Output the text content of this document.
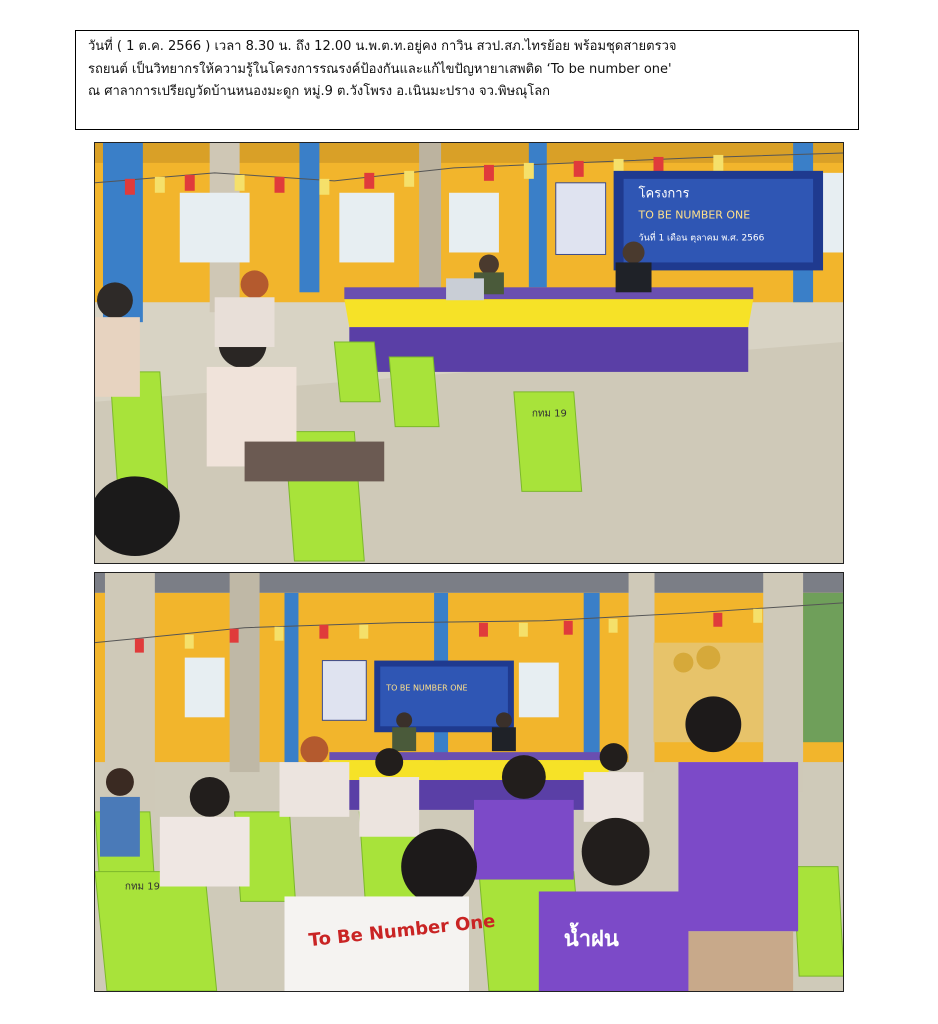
วันที่ ( 1 ต.ค. 2566 ) เวลา 8.30 น. ถึง 12.00 น.พ.ต.ท.อยู่คง กาวิน สวป.สภ.ไทรย้อย พร้อมชุดสายตรวจ
รถยนต์ เป็นวิทยากรให้ความรู้ในโครงการรณรงค์ป้องกันและแก้ไขปัญหายาเสพติด ‘To be number one'
ณ ศาลาการเปรียญวัดบ้านหนองมะดูก หมู่.9 ต.วังโพรง อ.เนินมะปราง จว.พิษณุโลก
โครงการ
TO BE NUMBER ONE
วันที่ 1 เดือน ตุลาคม พ.ศ. 2566
กทม 19
TO BE NUMBER ONE
กทม 19
To Be Number One	น้ำฝน
